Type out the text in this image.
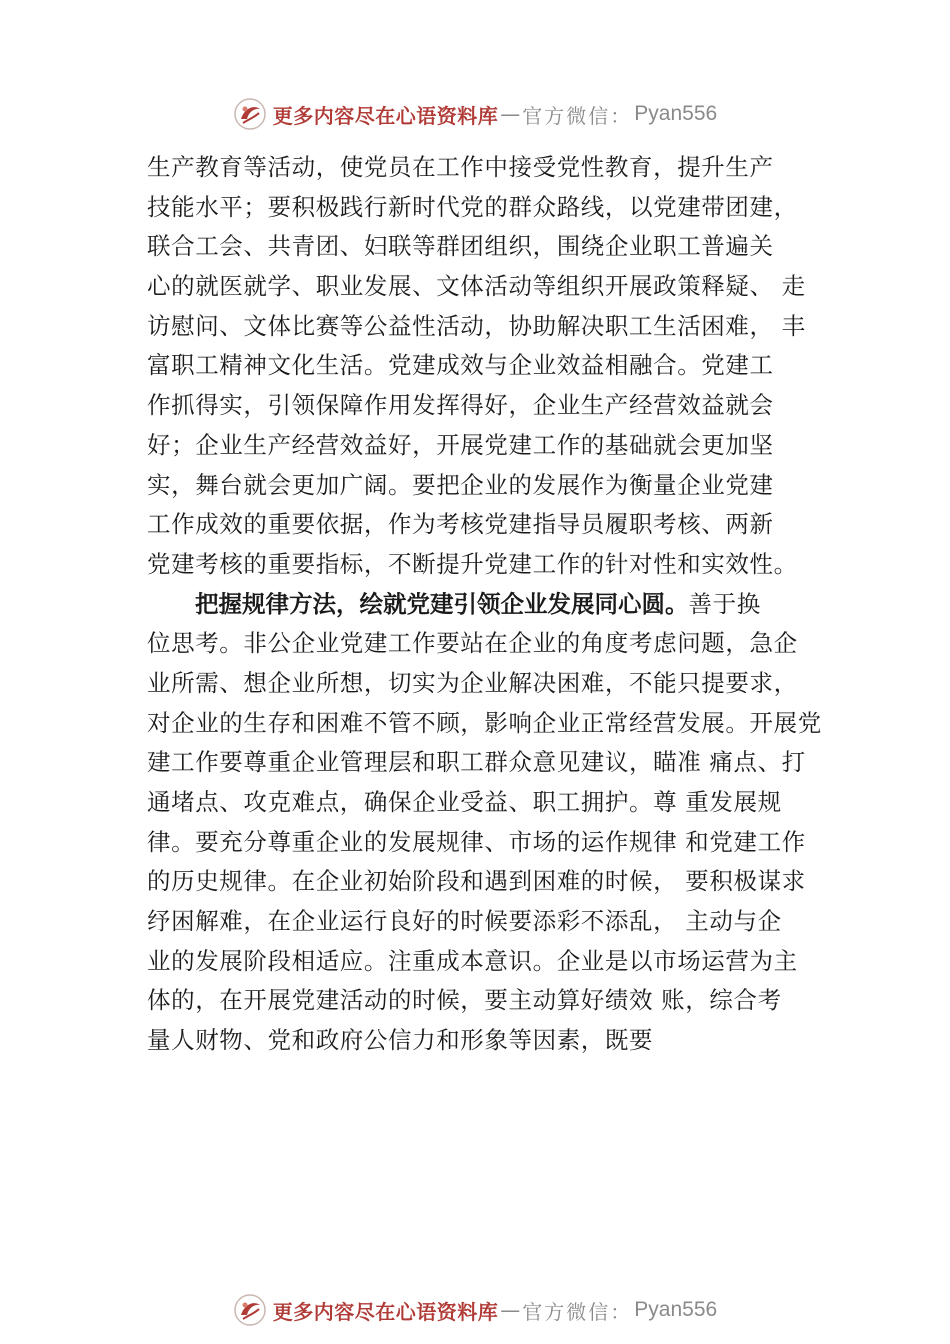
更多内容尽在心语资料库 — 官方微信： Pyan556
生产教育等活动，使党员在工作中接受党性教育，提升生产
技能水平；要积极践行新时代党的群众路线，以党建带团建，
联合工会、共青团、妇联等群团组织，围绕企业职工普遍关
心的就医就学、职业发展、文体活动等组织开展政策释疑、 走
访慰问、文体比赛等公益性活动，协助解决职工生活困难， 丰
富职工精神文化生活。党建成效与企业效益相融合。党建工
作抓得实，引领保障作用发挥得好，企业生产经营效益就会
好；企业生产经营效益好，开展党建工作的基础就会更加坚
实，舞台就会更加广阔。要把企业的发展作为衡量企业党建
工作成效的重要依据，作为考核党建指导员履职考核、两新
党建考核的重要指标，不断提升党建工作的针对性和实效性。
把握规律方法，绘就党建引领企业发展同心圆。善于换
位思考。非公企业党建工作要站在企业的角度考虑问题，急企
业所需、想企业所想，切实为企业解决困难，不能只提要求，
对企业的生存和困难不管不顾，影响企业正常经营发展。开展党
建工作要尊重企业管理层和职工群众意见建议，瞄准 痛点、打
通堵点、攻克难点，确保企业受益、职工拥护。尊 重发展规
律。要充分尊重企业的发展规律、市场的运作规律 和党建工作
的历史规律。在企业初始阶段和遇到困难的时候， 要积极谋求
纾困解难，在企业运行良好的时候要添彩不添乱， 主动与企
业的发展阶段相适应。注重成本意识。企业是以市场运营为主
体的，在开展党建活动的时候，要主动算好绩效 账，综合考
量人财物、党和政府公信力和形象等因素，既要
更多内容尽在心语资料库 — 官方微信： Pyan556
